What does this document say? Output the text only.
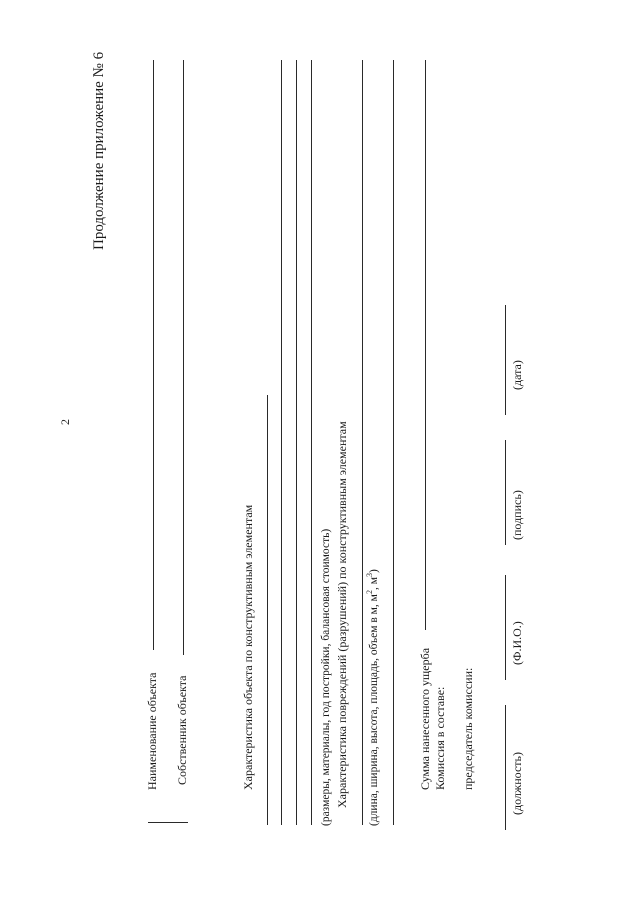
2
Продолжение приложение № 6
Наименование объекта Собственник объекта	Характеристика объекта по конструктивным элементам	(размеры, материалы, год постройки, балансовая стоимость) Характеристика повреждений (разрушений) по конструктивным элементам (длина, ширина, высота, площадь, объем в м, $м^2$, $м^3$)
Сумма нанесенного ущерба Комиссия в составе: председатель комиссии:	(должность)
(Ф.И.О.)
(подпись)
(дата)
